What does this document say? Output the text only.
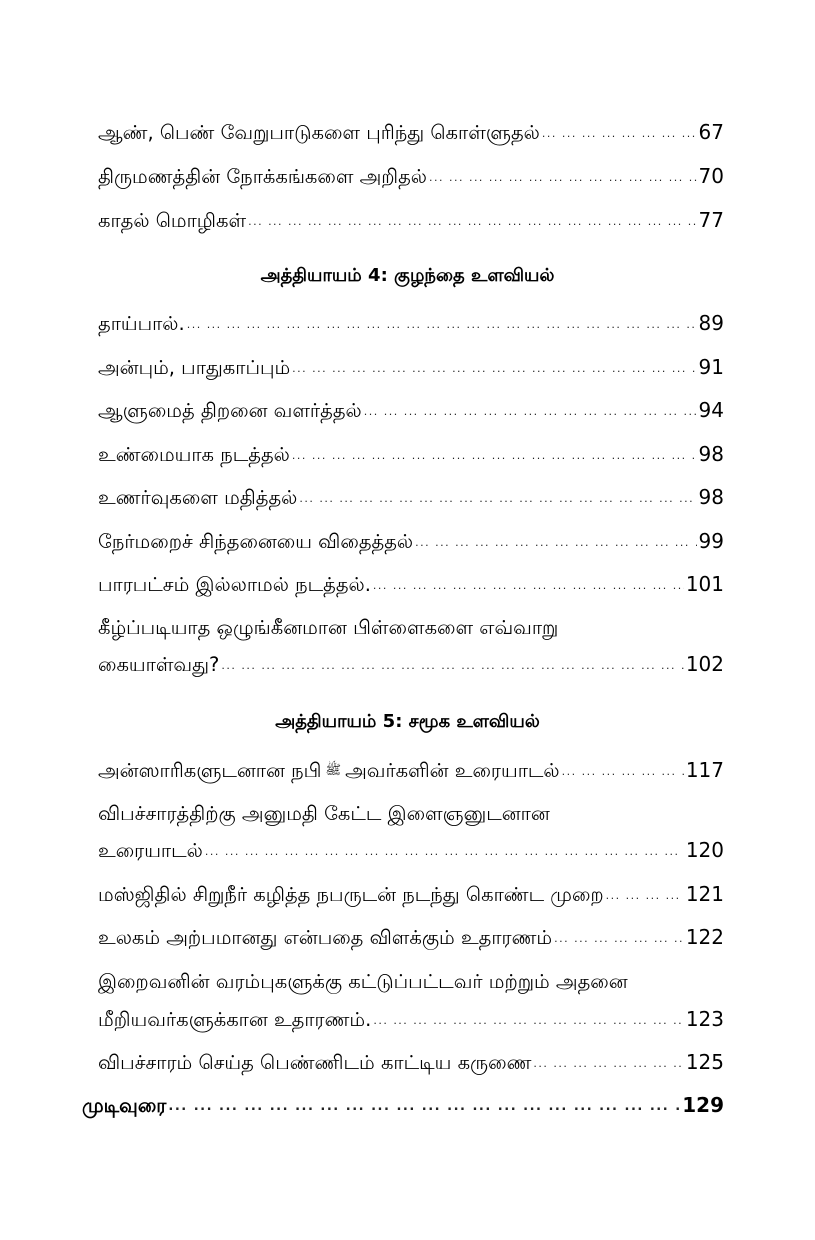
ஆண், பெண் வேறுபாடுகளை புரிந்து கொள்ளுதல் ... .	67
திருமணத்தின் நோக்கங்களை அறிதல் ... .	70
காதல் மொழிகள் ... .	77
அத்தியாயம் 4: குழந்தை உளவியல்
தாய்பால். ... .	89
அன்பும், பாதுகாப்பும் ... .	91
ஆளுமைத் திறனை வளர்த்தல் ... .	94
உண்மையாக நடத்தல் ... .	98
உணர்வுகளை மதித்தல் ... .	98
நேர்மறைச் சிந்தனையை விதைத்தல் ... .	99
பாரபட்சம் இல்லாமல் நடத்தல். ... .	101
கீழ்ப்படியாத ஒழுங்கீனமான பிள்ளைகளை எவ்வாறு
கையாள்வது? ... .	102
அத்தியாயம் 5: சமூக உளவியல்
அன்ஸாரிகளுடனான நபி ﷺ அவர்களின் உரையாடல் ... .	117
விபச்சாரத்திற்கு அனுமதி கேட்ட இளைஞனுடனான
உரையாடல் ... .	120
மஸ்ஜிதில் சிறுநீர் கழித்த நபருடன் நடந்து கொண்ட முறை ... .	121
உலகம் அற்பமானது என்பதை விளக்கும் உதாரணம் ... .	122
இறைவனின் வரம்புகளுக்கு கட்டுப்பட்டவர் மற்றும் அதனை
மீறியவர்களுக்கான உதாரணம். ... .	123
விபச்சாரம் செய்த பெண்ணிடம் காட்டிய கருணை ... .	125
முடிவுரை ... .	129
